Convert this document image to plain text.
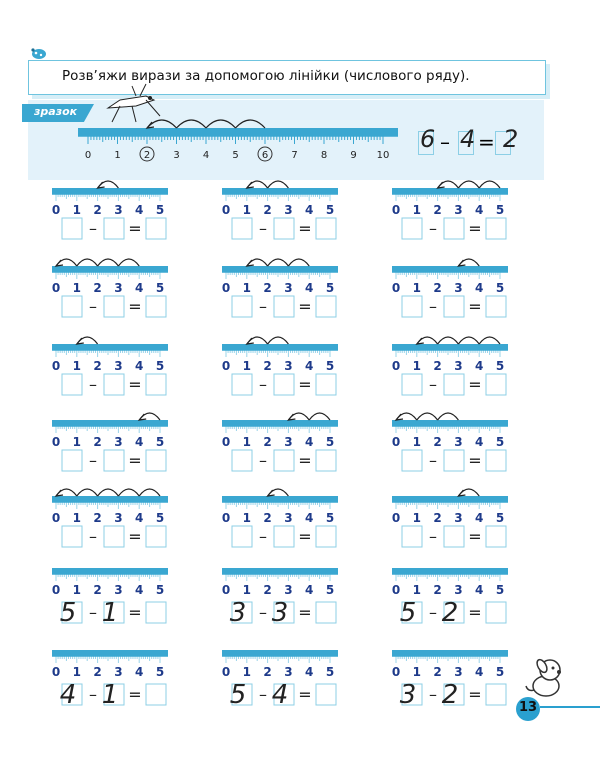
Розв’яжи вирази за допомогою лінійки (числового ряду).
зразок
0 1 2 3 4 5 6 7 8 9 10
6 – 4 = 2
0 1 2 3 4 5
– =
0 1 2 3 4 5
– =
0 1 2 3 4 5
– =
0 1 2 3 4 5
– =
0 1 2 3 4 5
– =
0 1 2 3 4 5
– =
0 1 2 3 4 5
– =
0 1 2 3 4 5
– =
0 1 2 3 4 5
– =
0 1 2 3 4 5
– =
0 1 2 3 4 5
– =
0 1 2 3 4 5
– =
0 1 2 3 4 5
– =
0 1 2 3 4 5
– =
0 1 2 3 4 5
– =
0 1 2 3 4 5
– =
5 1
0 1 2 3 4 5
– =
3 3
0 1 2 3 4 5
– =
5 2
0 1 2 3 4 5
– =
4 1
0 1 2 3 4 5
– =
5 4
0 1 2 3 4 5
– =
3 2	13
